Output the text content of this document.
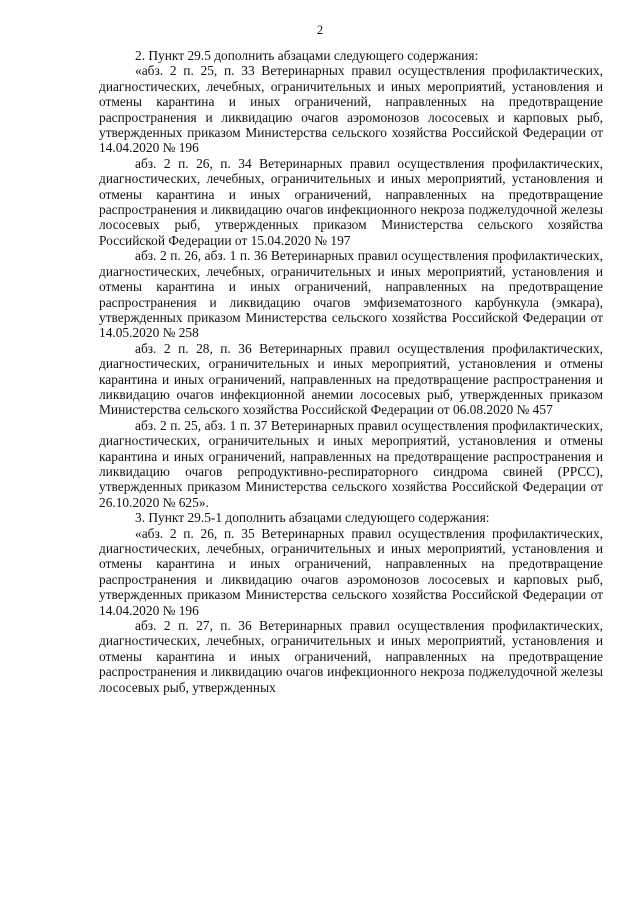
2

2. Пункт 29.5 дополнить абзацами следующего содержания:

«абз. 2 п. 25, п. 33 Ветеринарных правил осуществления профилактических, диагностических, лечебных, ограничительных и иных мероприятий, установления и отмены карантина и иных ограничений, направленных на предотвращение распространения и ликвидацию очагов аэромонозов лососевых и карповых рыб, утвержденных приказом Министерства сельского хозяйства Российской Федерации от 14.04.2020 № 196

абз. 2 п. 26, п. 34 Ветеринарных правил осуществления профилактических, диагностических, лечебных, ограничительных и иных мероприятий, установления и отмены карантина и иных ограничений, направленных на предотвращение распространения и ликвидацию очагов инфекционного некроза поджелудочной железы лососевых рыб, утвержденных приказом Министерства сельского хозяйства Российской Федерации от 15.04.2020 № 197

абз. 2 п. 26, абз. 1 п. 36 Ветеринарных правил осуществления профилактических, диагностических, лечебных, ограничительных и иных мероприятий, установления и отмены карантина и иных ограничений, направленных на предотвращение распространения и ликвидацию очагов эмфизематозного карбункула (эмкара), утвержденных приказом Министерства сельского хозяйства Российской Федерации от 14.05.2020 № 258

абз. 2 п. 28, п. 36 Ветеринарных правил осуществления профилактических, диагностических, ограничительных и иных мероприятий, установления и отмены карантина и иных ограничений, направленных на предотвращение распространения и ликвидацию очагов инфекционной анемии лососевых рыб, утвержденных приказом Министерства сельского хозяйства Российской Федерации от 06.08.2020 № 457

абз. 2 п. 25, абз. 1 п. 37 Ветеринарных правил осуществления профилактических, диагностических, ограничительных и иных мероприятий, установления и отмены карантина и иных ограничений, направленных на предотвращение распространения и ликвидацию очагов репродуктивно-респираторного синдрома свиней (РРСС), утвержденных приказом Министерства сельского хозяйства Российской Федерации от 26.10.2020 № 625».

3. Пункт 29.5-1 дополнить абзацами следующего содержания:

«абз. 2 п. 26, п. 35 Ветеринарных правил осуществления профилактических, диагностических, лечебных, ограничительных и иных мероприятий, установления и отмены карантина и иных ограничений, направленных на предотвращение распространения и ликвидацию очагов аэромонозов лососевых и карповых рыб, утвержденных приказом Министерства сельского хозяйства Российской Федерации от 14.04.2020 № 196

абз. 2 п. 27, п. 36 Ветеринарных правил осуществления профилактических, диагностических, лечебных, ограничительных и иных мероприятий, установления и отмены карантина и иных ограничений, направленных на предотвращение распространения и ликвидацию очагов инфекционного некроза поджелудочной железы лососевых рыб, утвержденных
